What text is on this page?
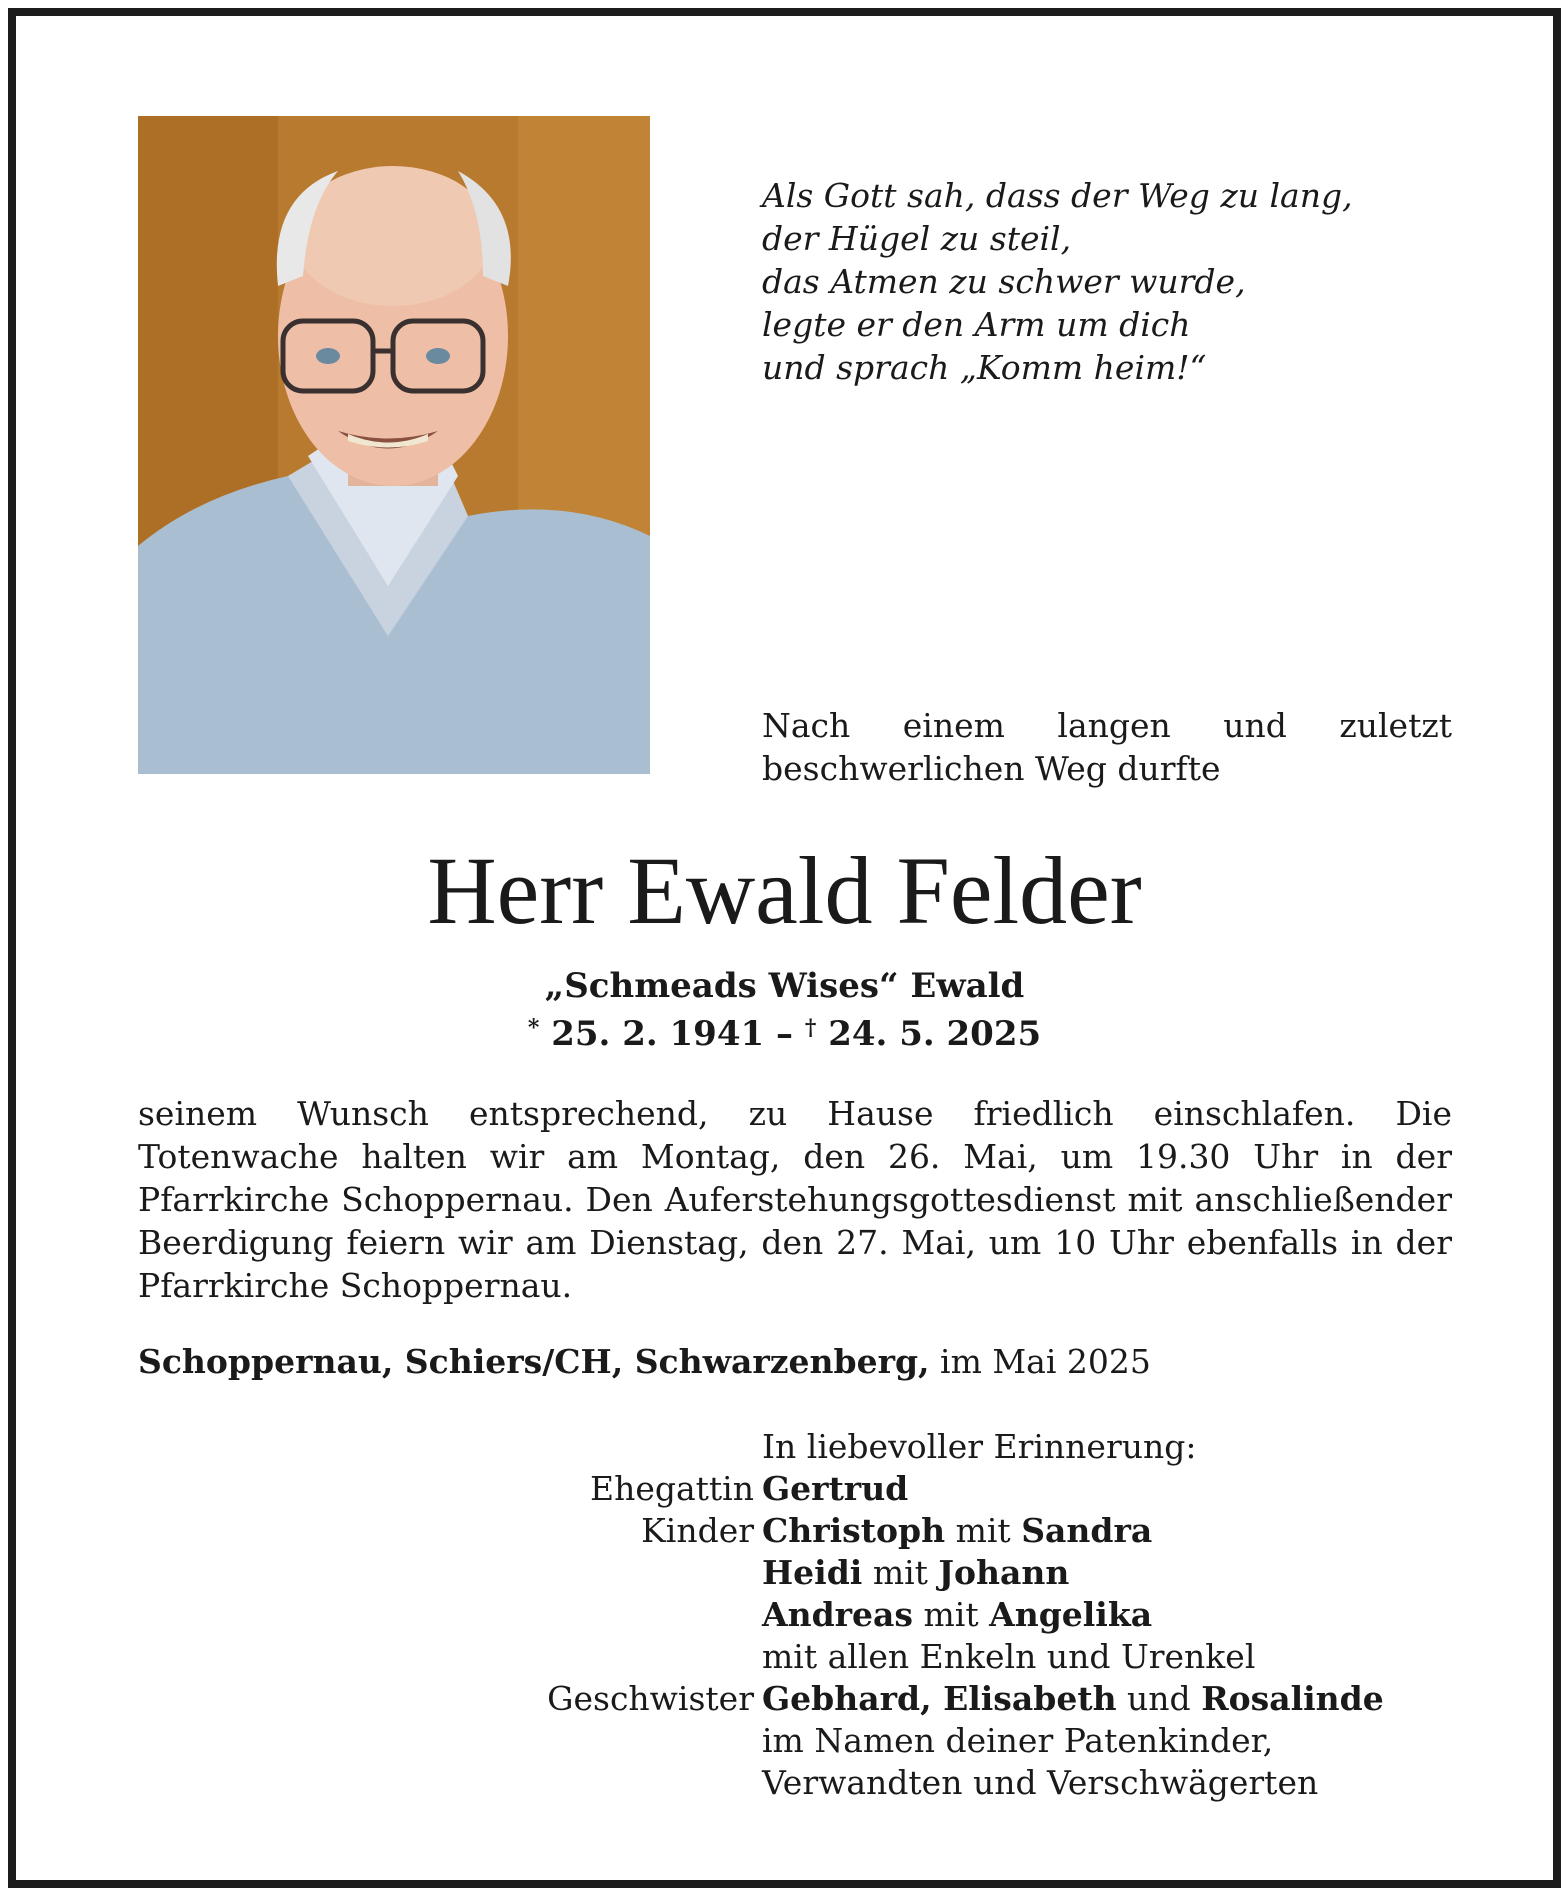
Als Gott sah, dass der Weg zu lang,
der Hügel zu steil,
das Atmen zu schwer wurde,
legte er den Arm um dich
und sprach „Komm heim!“
Nach einem langen und zuletzt beschwerlichen Weg durfte
Herr Ewald Felder
„Schmeads Wises“ Ewald
* 25. 2. 1941 – † 24. 5. 2025
seinem Wunsch entsprechend, zu Hause friedlich einschlafen. Die Totenwache halten wir am Montag, den 26. Mai, um 19.30 Uhr in der Pfarrkirche Schoppernau. Den Auferstehungsgottesdienst mit anschließender Beerdigung feiern wir am Dienstag, den 27. Mai, um 10 Uhr ebenfalls in der Pfarrkirche Schoppernau.
Schoppernau, Schiers/CH, Schwarzenberg, im Mai 2025
In liebevoller Erinnerung:
Ehegattin Gertrud
Kinder Christoph mit Sandra
Heidi mit Johann
Andreas mit Angelika
mit allen Enkeln und Urenkel
Geschwister Gebhard, Elisabeth und Rosalinde
im Namen deiner Patenkinder,
Verwandten und Verschwägerten
